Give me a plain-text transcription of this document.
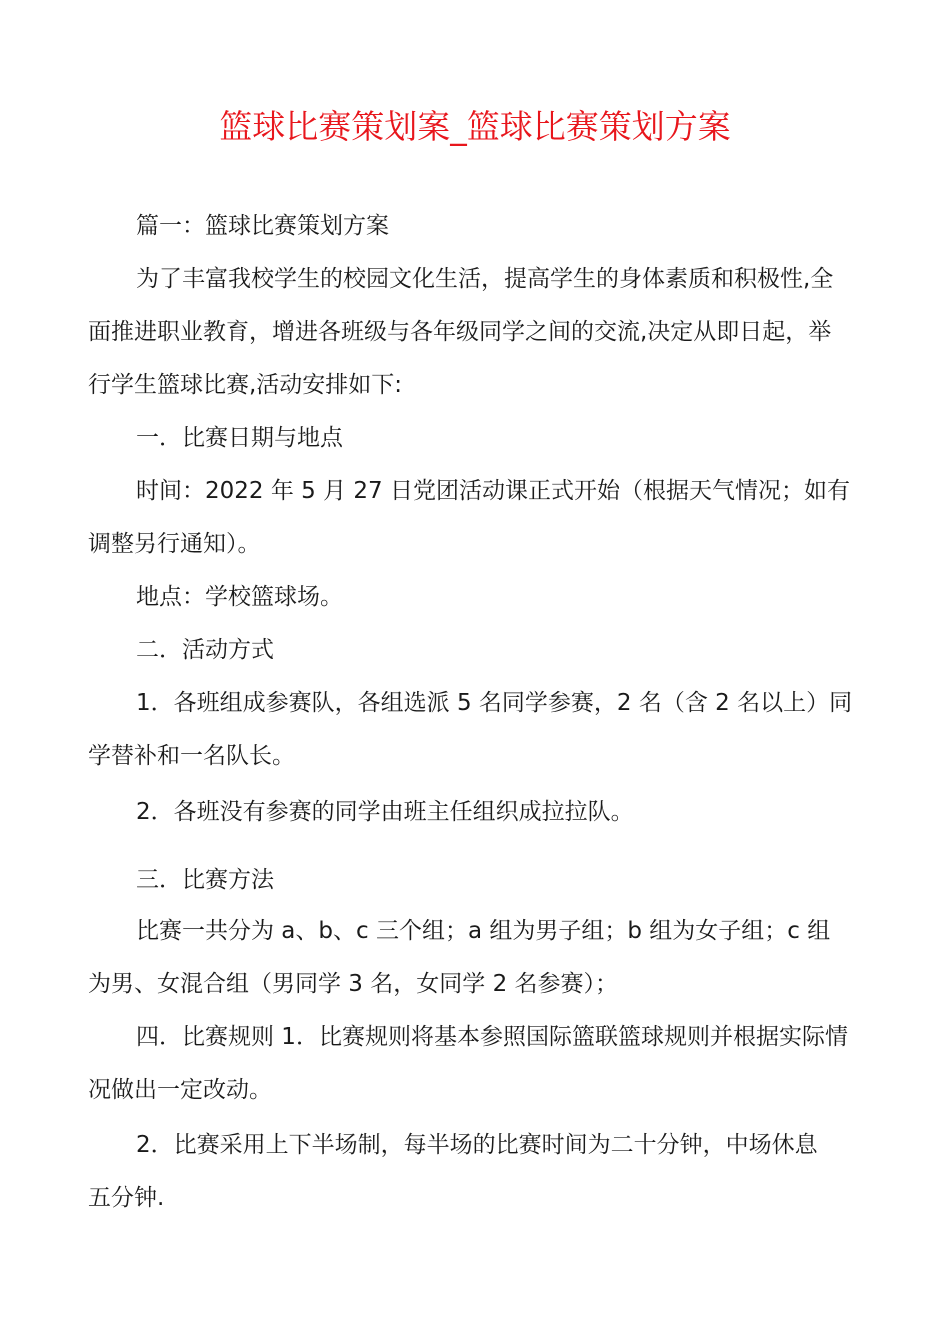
篮球比赛策划案_篮球比赛策划方案
篇一：篮球比赛策划方案
为了丰富我校学生的校园文化生活，提高学生的身体素质和积极性,全
面推进职业教育，增进各班级与各年级同学之间的交流,决定从即日起，举
行学生篮球比赛,活动安排如下:
一．比赛日期与地点
时间：2022 年 5 月 27 日党团活动课正式开始（根据天气情况；如有
调整另行通知）。
地点：学校篮球场。
二．活动方式
1．各班组成参赛队，各组选派 5 名同学参赛，2 名（含 2 名以上）同
学替补和一名队长。
2．各班没有参赛的同学由班主任组织成拉拉队。
三．比赛方法
比赛一共分为 a、b、c 三个组；a 组为男子组；b 组为女子组；c 组
为男、女混合组（男同学 3 名，女同学 2 名参赛）；
四．比赛规则 1．比赛规则将基本参照国际篮联篮球规则并根据实际情
况做出一定改动。
2．比赛采用上下半场制，每半场的比赛时间为二十分钟，中场休息
五分钟.
